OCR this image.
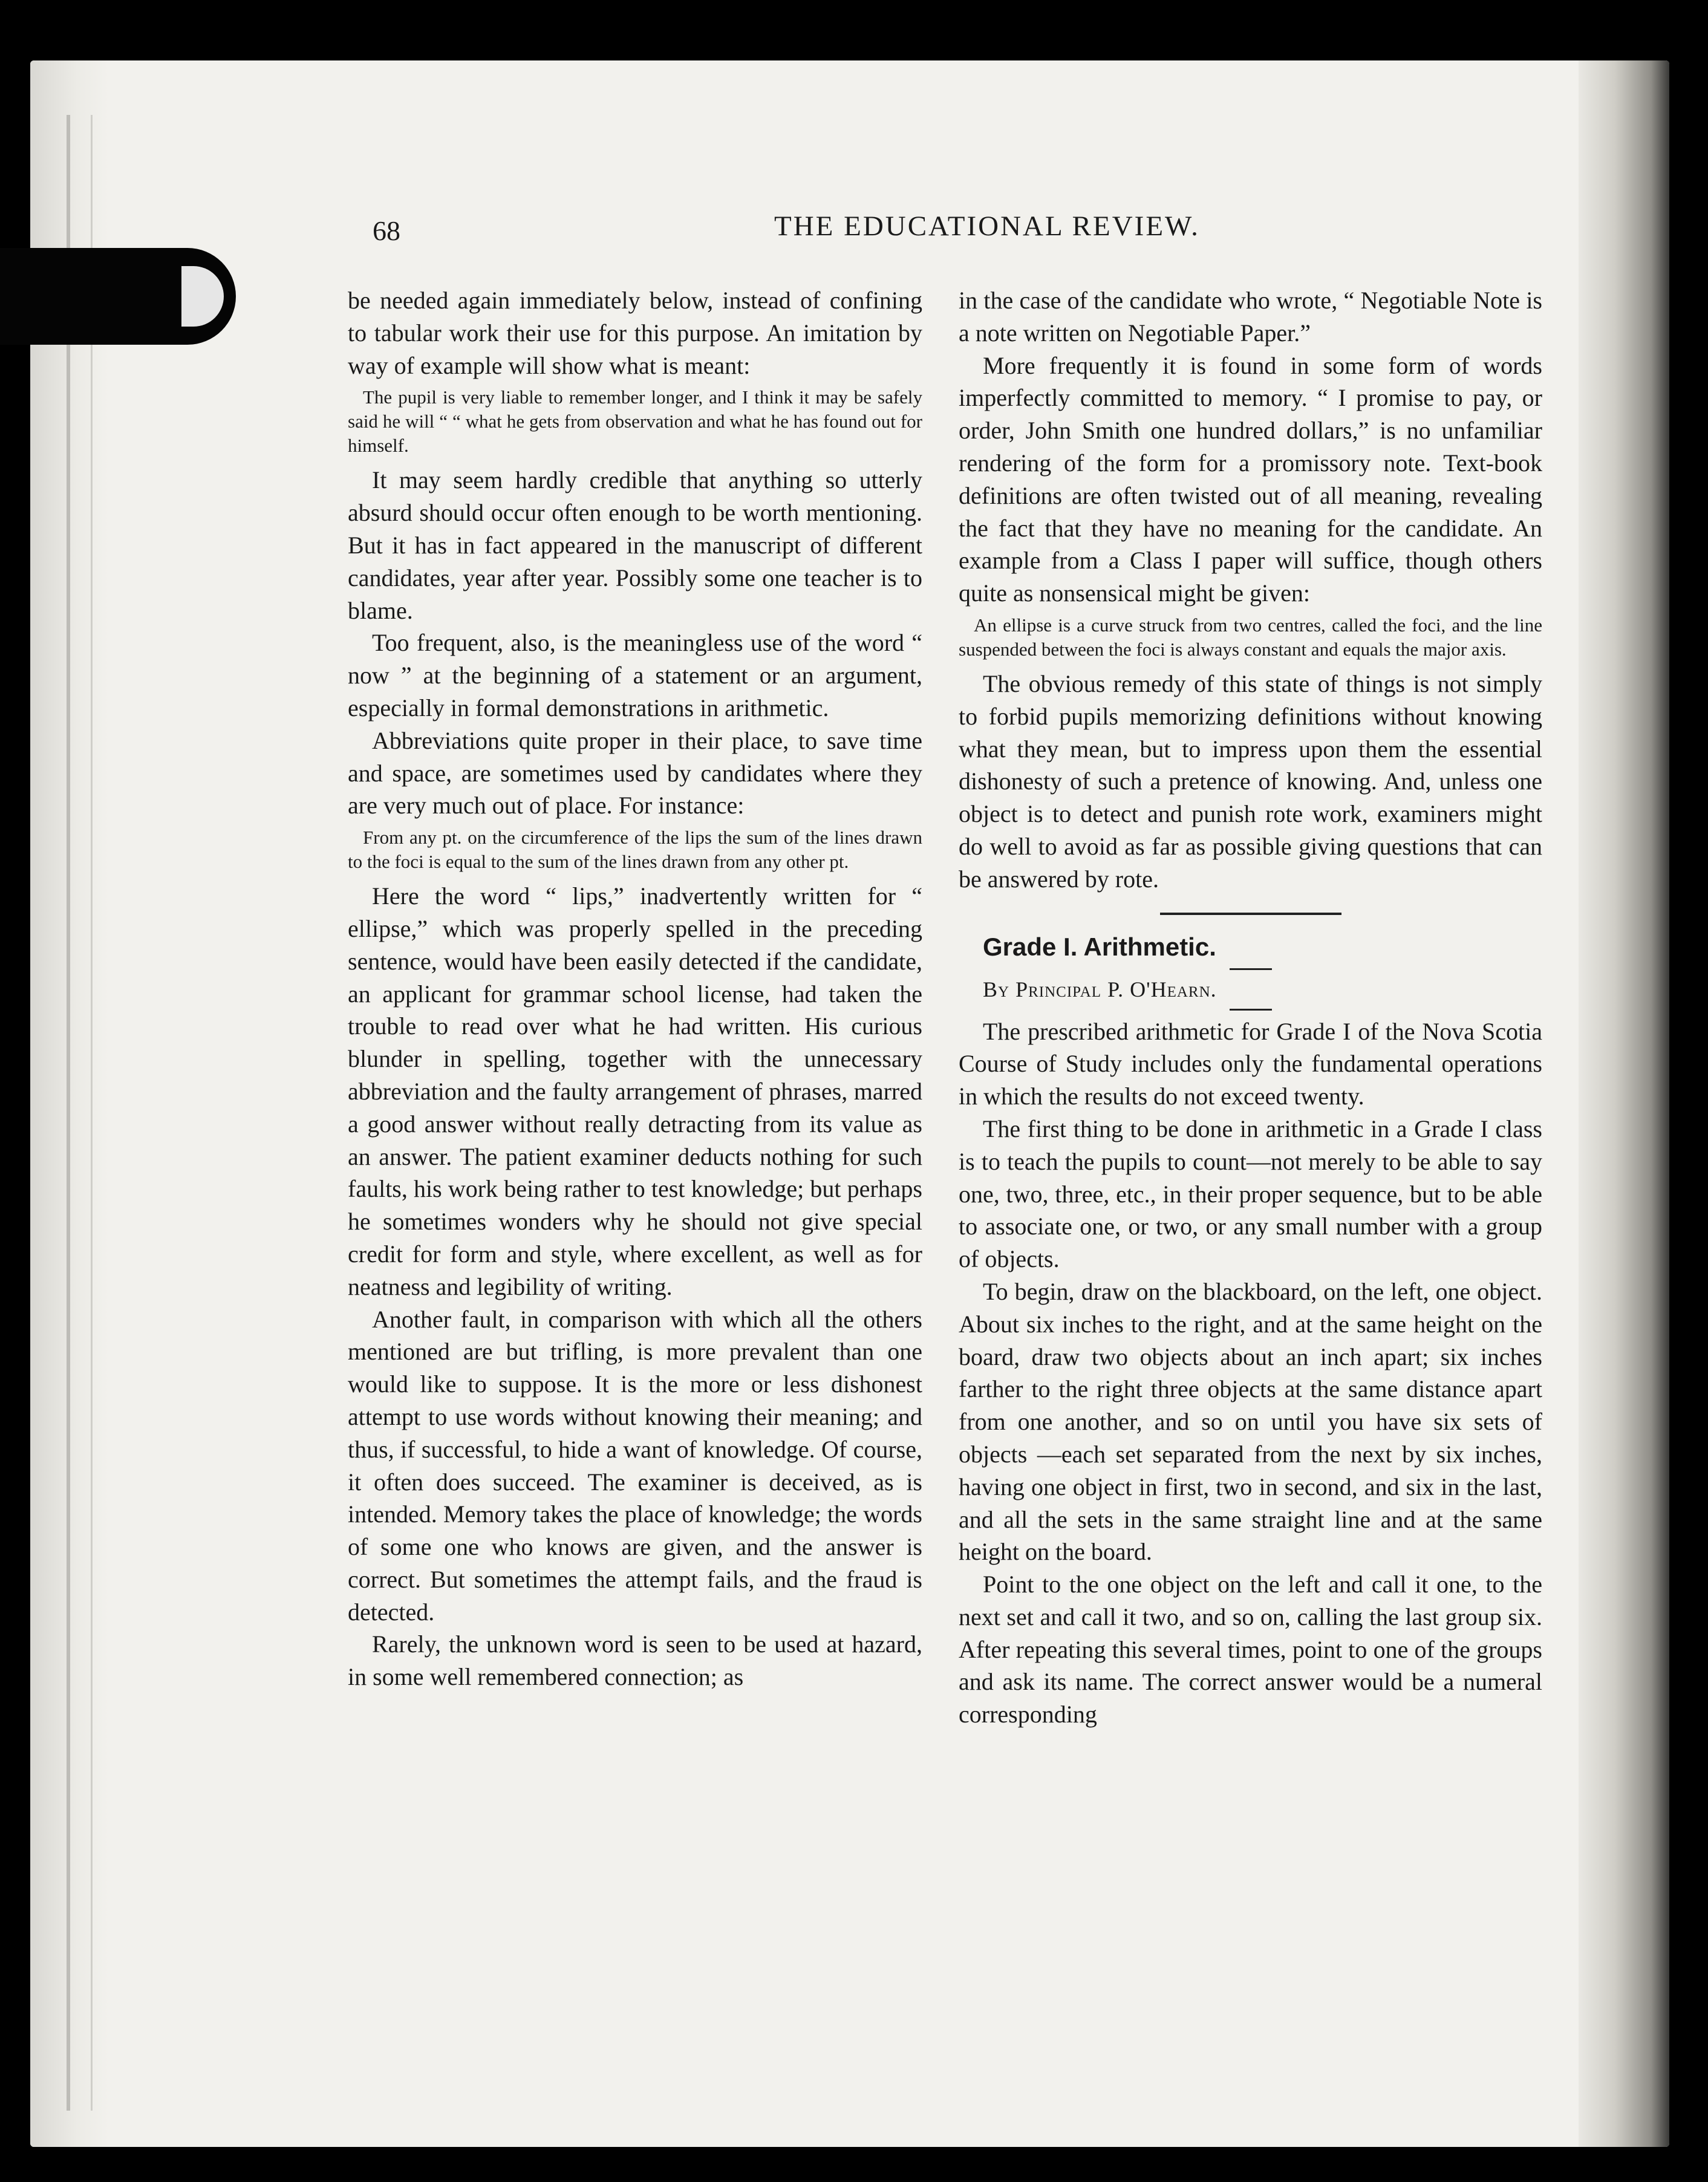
68	THE EDUCATIONAL REVIEW.

be needed again immediately below, instead of confining to tabular work their use for this purpose. An imitation by way of example will show what is meant:

The pupil is very liable to remember longer, and I think it may be safely said he will “ “ what he gets from observation and what he has found out for himself.

It may seem hardly credible that anything so utterly absurd should occur often enough to be worth mentioning. But it has in fact appeared in the manuscript of different candidates, year after year. Possibly some one teacher is to blame.

Too frequent, also, is the meaningless use of the word “ now ” at the beginning of a statement or an argument, especially in formal demonstrations in arithmetic.

Abbreviations quite proper in their place, to save time and space, are sometimes used by candidates where they are very much out of place. For instance:

From any pt. on the circumference of the lips the sum of the lines drawn to the foci is equal to the sum of the lines drawn from any other pt.

Here the word “ lips,” inadvertently written for “ ellipse,” which was properly spelled in the preceding sentence, would have been easily detected if the candidate, an applicant for grammar school license, had taken the trouble to read over what he had written. His curious blunder in spelling, together with the unnecessary abbreviation and the faulty arrangement of phrases, marred a good answer without really detracting from its value as an answer. The patient examiner deducts nothing for such faults, his work being rather to test knowledge; but perhaps he sometimes wonders why he should not give special credit for form and style, where excellent, as well as for neatness and legibility of writing.

Another fault, in comparison with which all the others mentioned are but trifling, is more prevalent than one would like to suppose. It is the more or less dishonest attempt to use words without knowing their meaning; and thus, if successful, to hide a want of knowledge. Of course, it often does succeed. The examiner is deceived, as is intended. Memory takes the place of knowledge; the words of some one who knows are given, and the answer is correct. But sometimes the attempt fails, and the fraud is detected.

Rarely, the unknown word is seen to be used at hazard, in some well remembered connection; as

in the case of the candidate who wrote, “ Negotiable Note is a note written on Negotiable Paper.”

More frequently it is found in some form of words imperfectly committed to memory. “ I promise to pay, or order, John Smith one hundred dollars,” is no unfamiliar rendering of the form for a promissory note. Text-book definitions are often twisted out of all meaning, revealing the fact that they have no meaning for the candidate. An example from a Class I paper will suffice, though others quite as nonsensical might be given:

An ellipse is a curve struck from two centres, called the foci, and the line suspended between the foci is always constant and equals the major axis.

The obvious remedy of this state of things is not simply to forbid pupils memorizing definitions without knowing what they mean, but to impress upon them the essential dishonesty of such a pretence of knowing. And, unless one object is to detect and punish rote work, examiners might do well to avoid as far as possible giving questions that can be answered by rote.

Grade I. Arithmetic.

By Principal P. O'Hearn.

The prescribed arithmetic for Grade I of the Nova Scotia Course of Study includes only the fundamental operations in which the results do not exceed twenty.

The first thing to be done in arithmetic in a Grade I class is to teach the pupils to count—not merely to be able to say one, two, three, etc., in their proper sequence, but to be able to associate one, or two, or any small number with a group of objects.

To begin, draw on the blackboard, on the left, one object. About six inches to the right, and at the same height on the board, draw two objects about an inch apart; six inches farther to the right three objects at the same distance apart from one another, and so on until you have six sets of objects —each set separated from the next by six inches, having one object in first, two in second, and six in the last, and all the sets in the same straight line and at the same height on the board.

Point to the one object on the left and call it one, to the next set and call it two, and so on, calling the last group six. After repeating this several times, point to one of the groups and ask its name. The correct answer would be a numeral corresponding
